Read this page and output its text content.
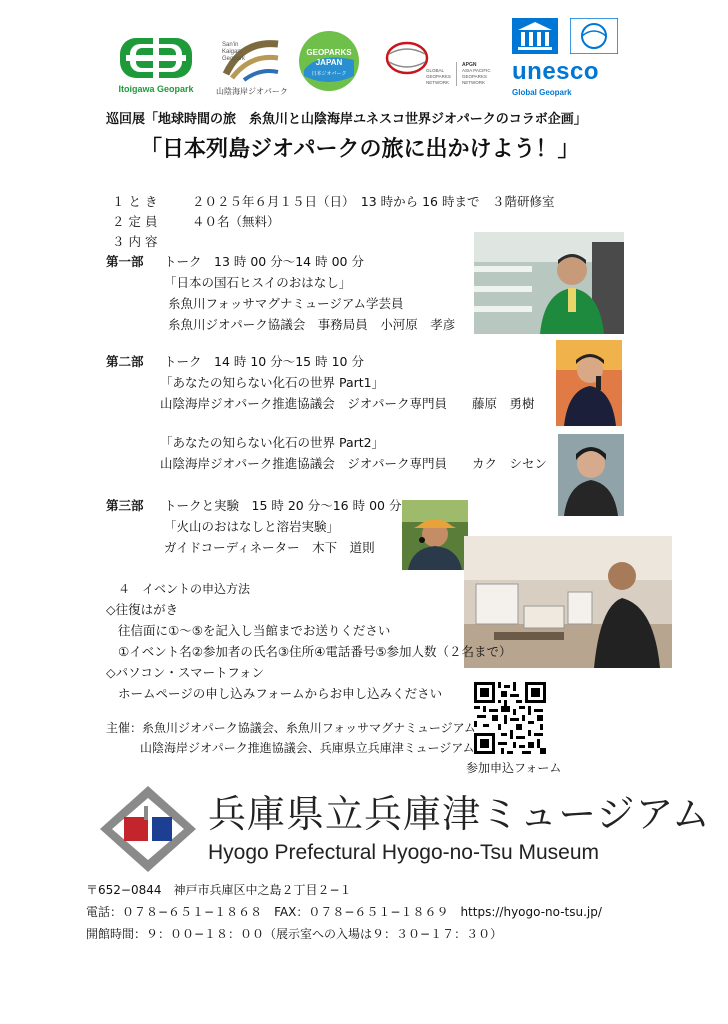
Itoigawa Geopark
San'in
Kaigan
Geopark
山陰海岸ジオパーク
GEOPARKS
JAPAN
日本ジオパーク
GLOBAL
GEOPARKS
NETWORK
APGN
ASIA PACIFIC
GEOPARKS
NETWORK unesco
Global Geopark
巡回展「地球時間の旅　糸魚川と山陰海岸ユネスコ世界ジオパークのコラボ企画」
「日本列島ジオパークの旅に出かけよう！」
１ と き	２０２５年６月１５日（日）　13 時から 16 時まで　３階研修室
２ 定 員	４０名（無料）
３ 内 容
第一部 トーク　13 時 00 分～14 時 00 分
「日本の国石ヒスイのおはなし」
糸魚川フォッサマグナミュージアム学芸員
糸魚川ジオパーク協議会　事務局員　小河原　孝彦
第二部 トーク　14 時 10 分～15 時 10 分
「あなたの知らない化石の世界 Part1」
山陰海岸ジオパーク推進協議会　ジオパーク専門員　　藤原　勇樹
「あなたの知らない化石の世界 Part2」
山陰海岸ジオパーク推進協議会　ジオパーク専門員　　カク　シセン
第三部 トークと実験　15 時 20 分～16 時 00 分
「火山のおはなしと溶岩実験」
ガイドコーディネーター　木下　道則
４　イベントの申込方法
◇往復はがき
往信面に①～⑤を記入し当館までお送りください
①イベント名②参加者の氏名③住所④電話番号⑤参加人数（２名まで）
◇パソコン・スマートフォン
ホームページの申し込みフォームからお申し込みください
参加申込フォーム
主催：糸魚川ジオパーク協議会、糸魚川フォッサマグナミュージアム
山陰海岸ジオパーク推進協議会、兵庫県立兵庫津ミュージアム
兵庫県立兵庫津ミュージアム
Hyogo Prefectural Hyogo-no-Tsu Museum
〒652−0844　神戸市兵庫区中之島２丁目２−１
電話：０７８−６５１−１８６８　FAX：０７８−６５１−１８６９　https://hyogo-no-tsu.jp/
開館時間：９：００−１８：００（展示室への入場は９：３０−１７：３０）
